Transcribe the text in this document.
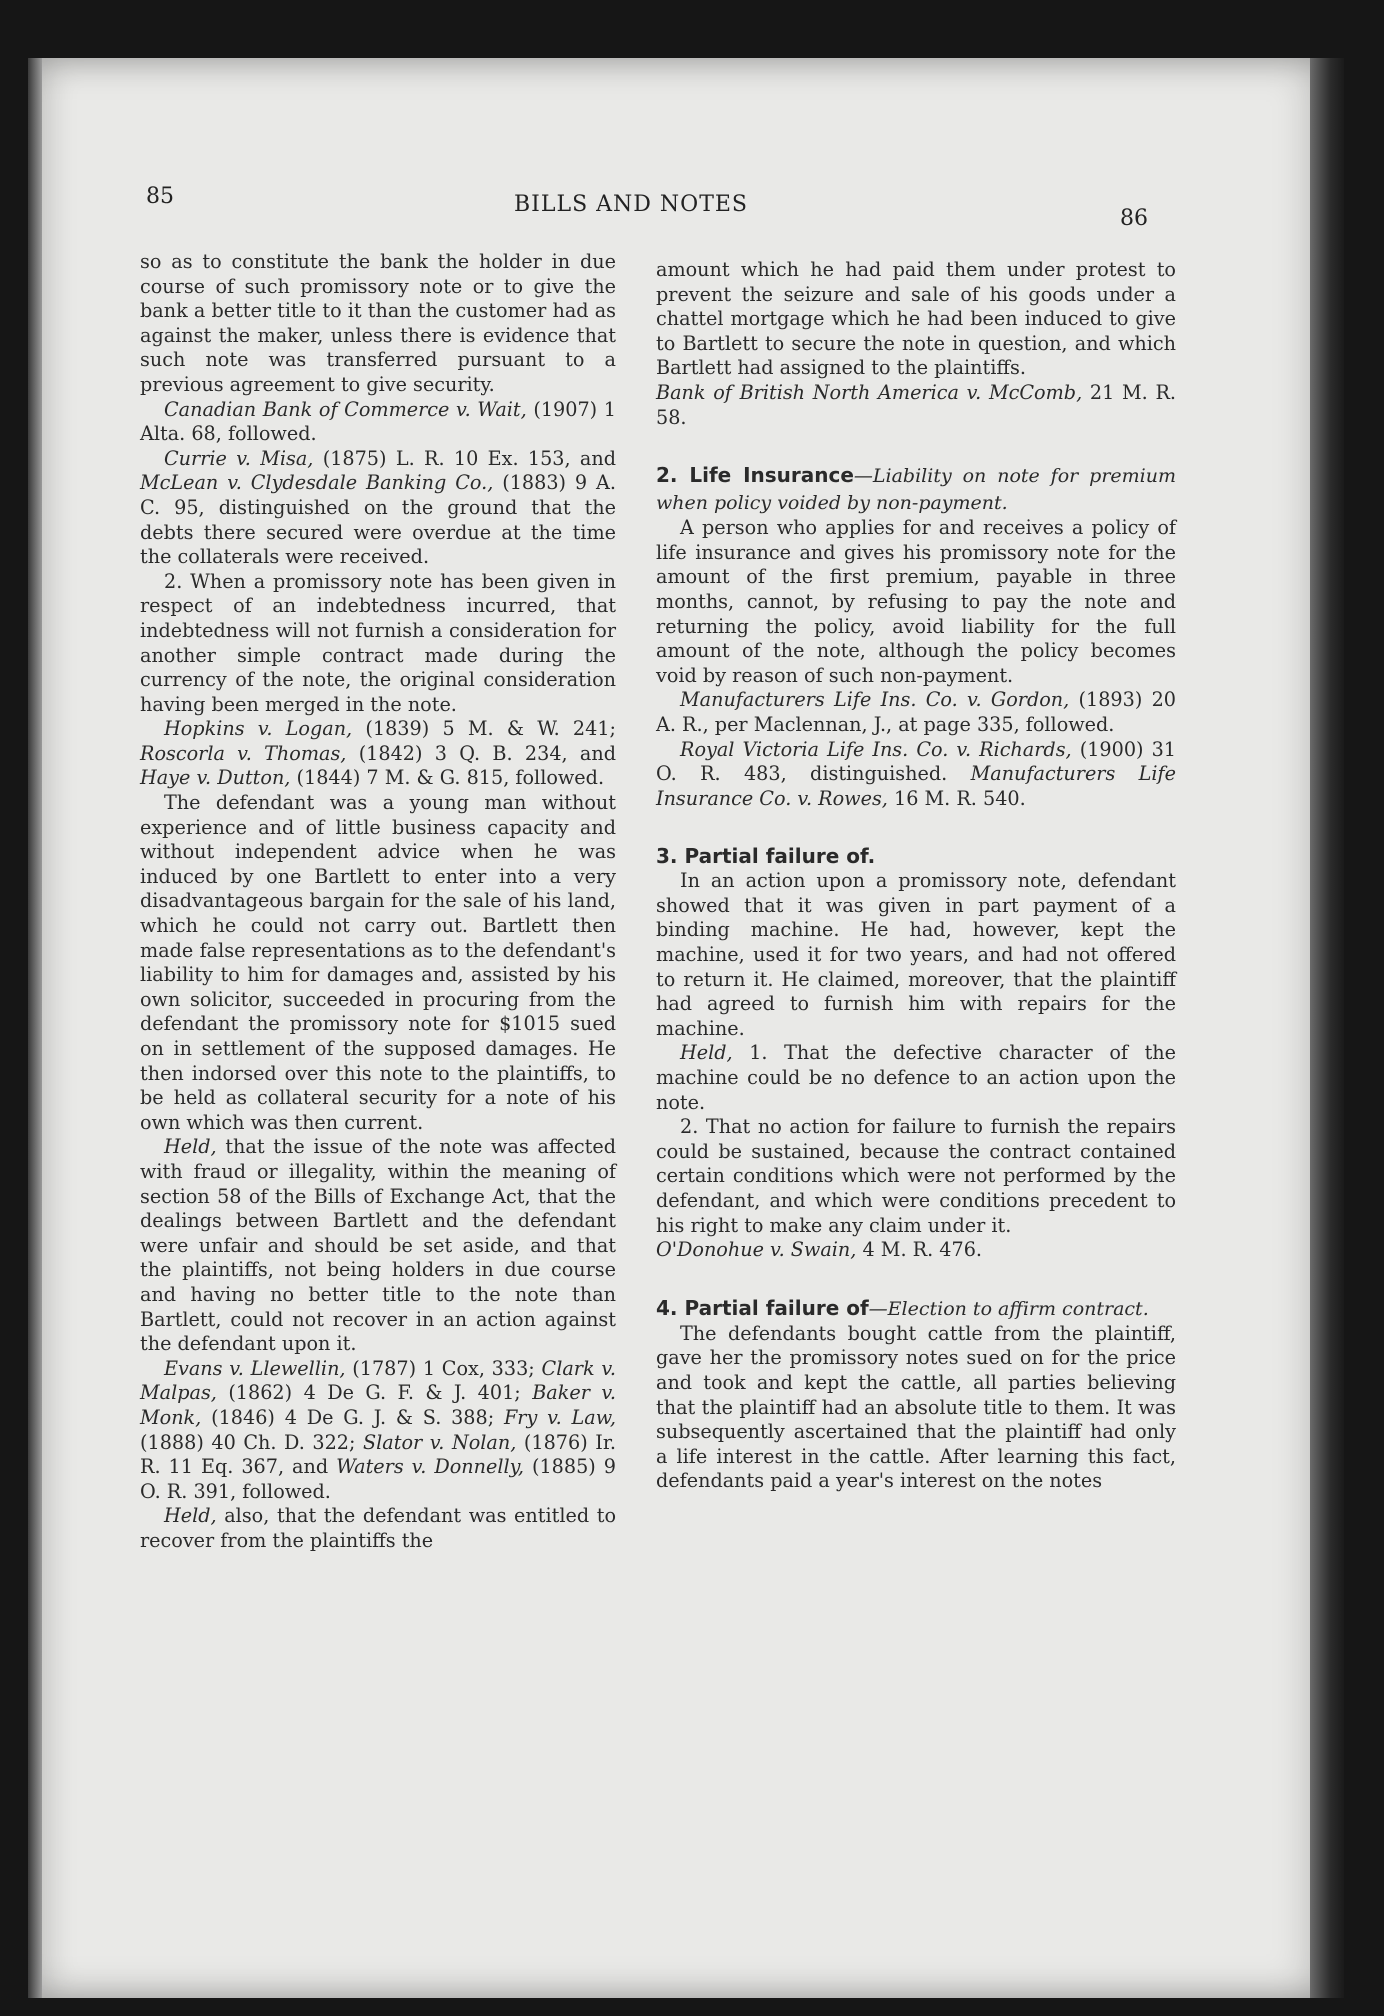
85	BILLS AND NOTES
86

so as to constitute the bank the holder in due course of such promissory note or to give the bank a better title to it than the customer had as against the maker, unless there is evidence that such note was transferred pursuant to a previous agreement to give security.

Canadian Bank of Commerce v. Wait, (1907) 1 Alta. 68, followed.

Currie v. Misa, (1875) L. R. 10 Ex. 153, and McLean v. Clydesdale Banking Co., (1883) 9 A. C. 95, distinguished on the ground that the debts there secured were overdue at the time the collaterals were received.

2. When a promissory note has been given in respect of an indebtedness incurred, that indebtedness will not furnish a consideration for another simple contract made during the currency of the note, the original consideration having been merged in the note.

Hopkins v. Logan, (1839) 5 M. & W. 241; Roscorla v. Thomas, (1842) 3 Q. B. 234, and Haye v. Dutton, (1844) 7 M. & G. 815, followed.

The defendant was a young man without experience and of little business capacity and without independent advice when he was induced by one Bartlett to enter into a very disadvantageous bargain for the sale of his land, which he could not carry out. Bartlett then made false representations as to the defendant's liability to him for damages and, assisted by his own solicitor, succeeded in procuring from the defendant the promissory note for $1015 sued on in settlement of the supposed damages. He then indorsed over this note to the plaintiffs, to be held as collateral security for a note of his own which was then current.

Held, that the issue of the note was affected with fraud or illegality, within the meaning of section 58 of the Bills of Exchange Act, that the dealings between Bartlett and the defendant were unfair and should be set aside, and that the plaintiffs, not being holders in due course and having no better title to the note than Bartlett, could not recover in an action against the defendant upon it.

Evans v. Llewellin, (1787) 1 Cox, 333; Clark v. Malpas, (1862) 4 De G. F. & J. 401; Baker v. Monk, (1846) 4 De G. J. & S. 388; Fry v. Law, (1888) 40 Ch. D. 322; Slator v. Nolan, (1876) Ir. R. 11 Eq. 367, and Waters v. Donnelly, (1885) 9 O. R. 391, followed.

Held, also, that the defendant was entitled to recover from the plaintiffs the

amount which he had paid them under protest to prevent the seizure and sale of his goods under a chattel mortgage which he had been induced to give to Bartlett to secure the note in question, and which Bartlett had assigned to the plaintiffs.

Bank of British North America v. McComb, 21 M. R. 58.

2. Life Insurance—Liability on note for premium when policy voided by non-payment.

A person who applies for and receives a policy of life insurance and gives his promissory note for the amount of the first premium, payable in three months, cannot, by refusing to pay the note and returning the policy, avoid liability for the full amount of the note, although the policy becomes void by reason of such non-payment.

Manufacturers Life Ins. Co. v. Gordon, (1893) 20 A. R., per Maclennan, J., at page 335, followed.

Royal Victoria Life Ins. Co. v. Richards, (1900) 31 O. R. 483, distinguished. Manufacturers Life Insurance Co. v. Rowes, 16 M. R. 540.

3. Partial failure of.

In an action upon a promissory note, defendant showed that it was given in part payment of a binding machine. He had, however, kept the machine, used it for two years, and had not offered to return it. He claimed, moreover, that the plaintiff had agreed to furnish him with repairs for the machine.

Held, 1. That the defective character of the machine could be no defence to an action upon the note.

2. That no action for failure to furnish the repairs could be sustained, because the contract contained certain conditions which were not performed by the defendant, and which were conditions precedent to his right to make any claim under it.

O'Donohue v. Swain, 4 M. R. 476.

4. Partial failure of—Election to affirm contract.

The defendants bought cattle from the plaintiff, gave her the promissory notes sued on for the price and took and kept the cattle, all parties believing that the plaintiff had an absolute title to them. It was subsequently ascertained that the plaintiff had only a life interest in the cattle. After learning this fact, defendants paid a year's interest on the notes
